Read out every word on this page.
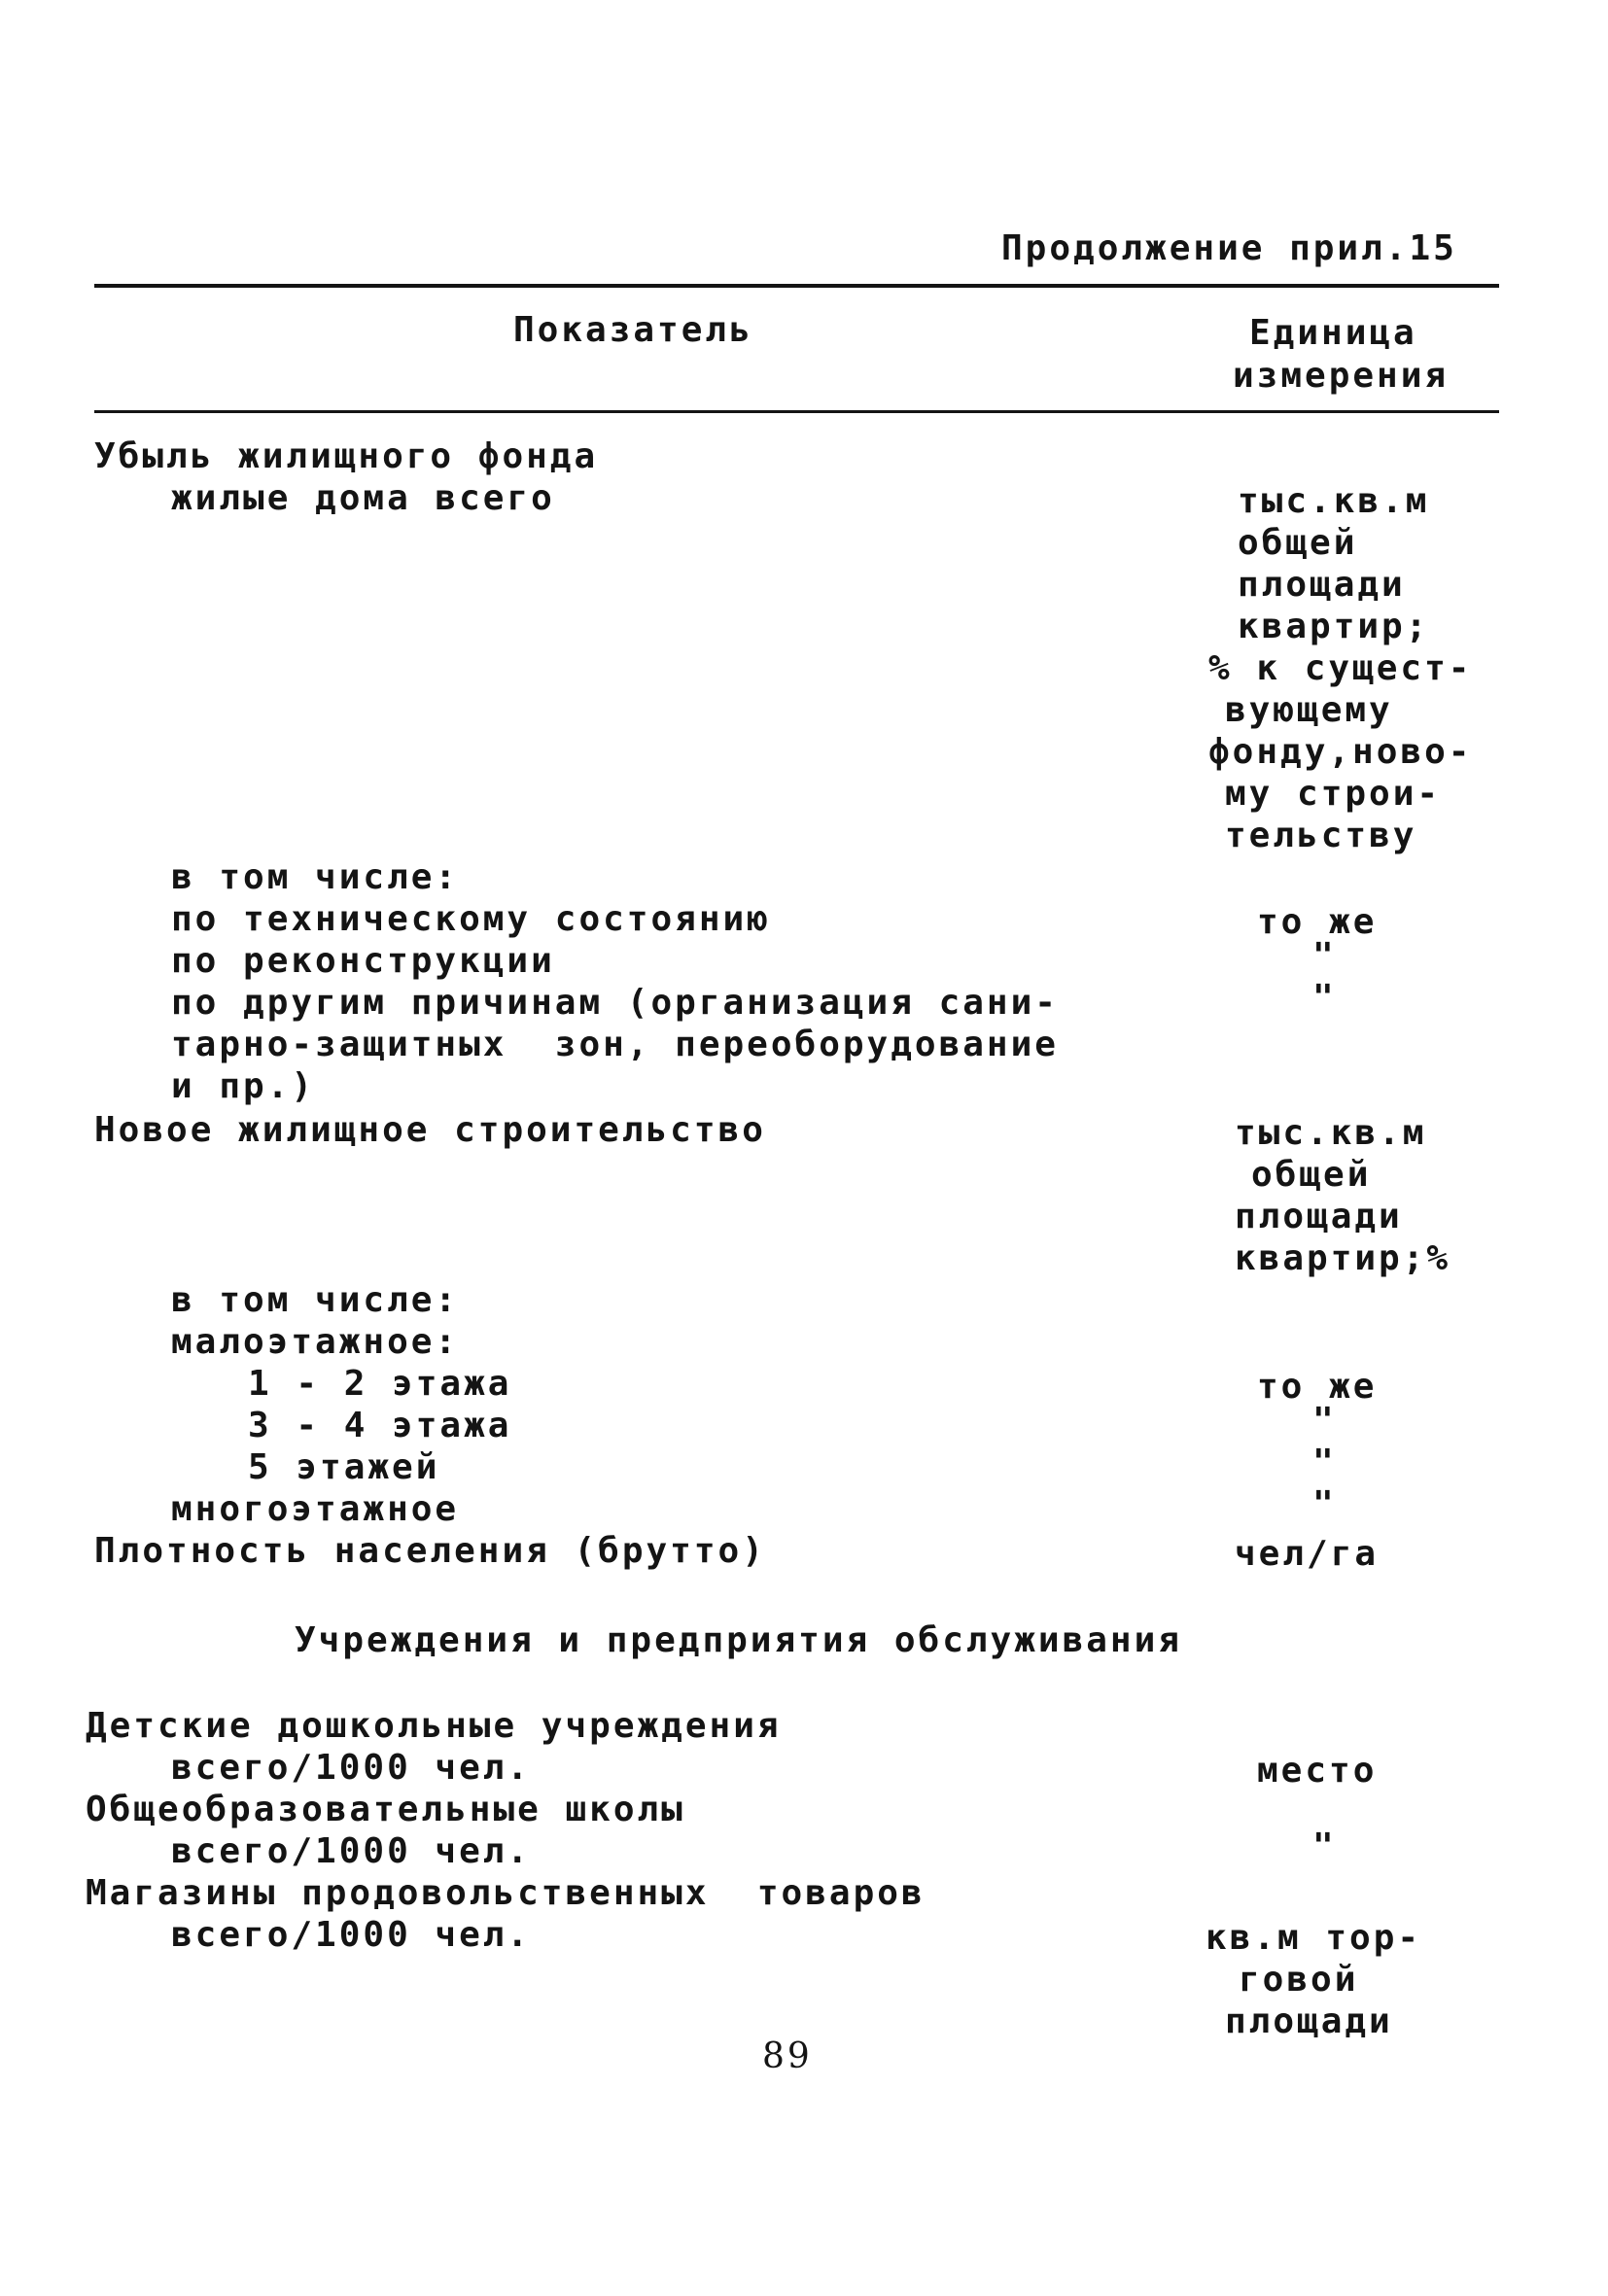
Продолжение прил.15
Показатель	Единица
измерения
Убыль жилищного фонда
жилые дома всего	тыс.кв.м
общей
площади
квартир;
% к сущест-
вующему
фонду,ново-
му строи-
тельству
в том числе:
по техническому состоянию	то же
по реконструкции	"
по другим причинам (организация сани-	"
тарно-защитных  зон, переоборудование
и пр.)
Новое жилищное строительство	тыс.кв.м
общей
площади
квартир;%
в том числе:
малоэтажное:
1 - 2 этажа	то же
3 - 4 этажа	"
5 этажей	"
многоэтажное	"
Плотность населения (брутто)	чел/га
Учреждения и предприятия обслуживания
Детские дошкольные учреждения
всего/1000 чел.	место
Общеобразовательные школы
всего/1000 чел.	"
Магазины продовольственных  товаров
всего/1000 чел.	кв.м тор-
говой
площади
89
